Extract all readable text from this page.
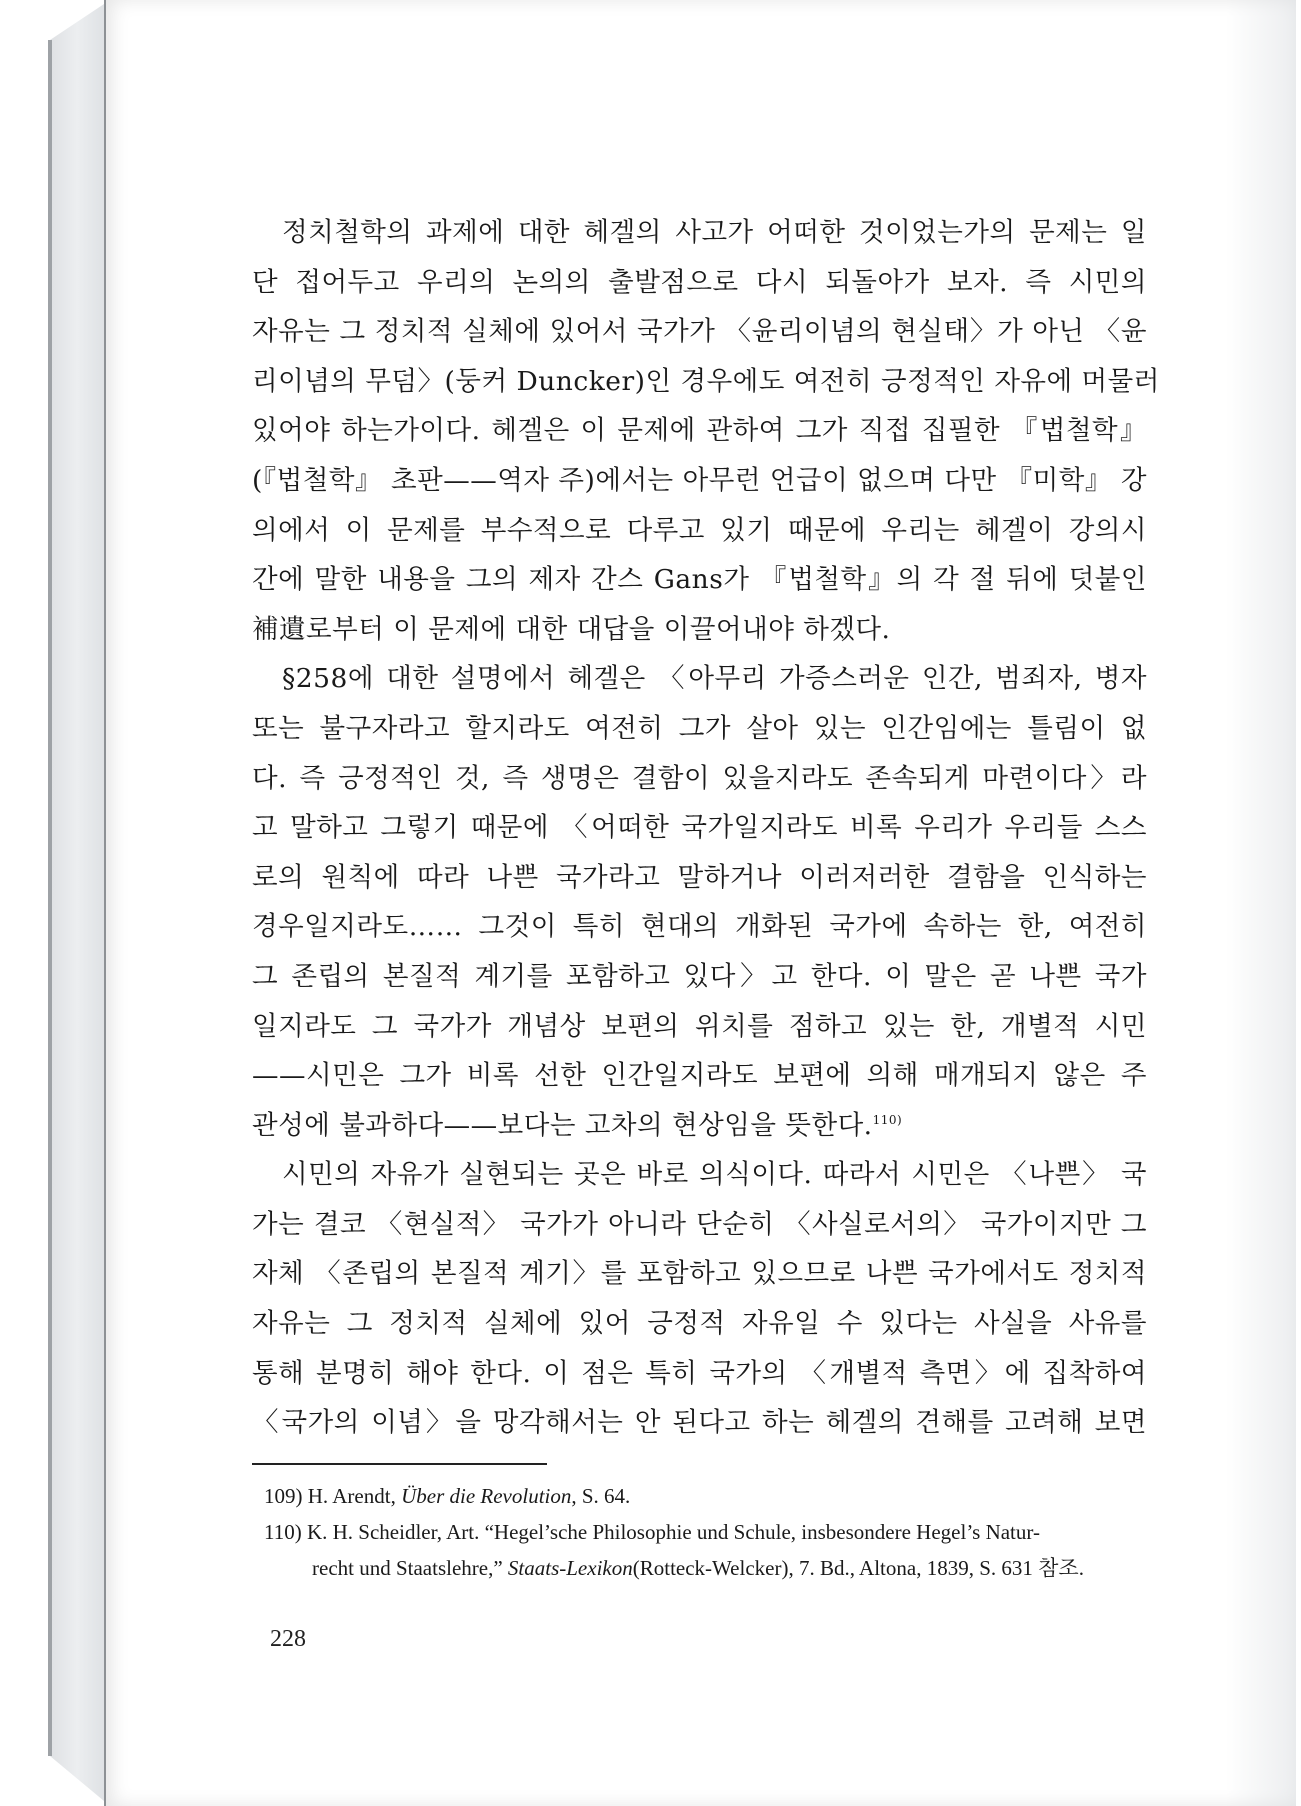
정치철학의 과제에 대한 헤겔의 사고가 어떠한 것이었는가의 문제는 일
단 접어두고 우리의 논의의 출발점으로 다시 되돌아가 보자. 즉 시민의
자유는 그 정치적 실체에 있어서 국가가 〈윤리이념의 현실태〉가 아닌 〈윤
리이념의 무덤〉(둥커 Duncker)인 경우에도 여전히 긍정적인 자유에 머물러
있어야 하는가이다. 헤겔은 이 문제에 관하여 그가 직접 집필한 『법철학』
(『법철학』 초판——역자 주)에서는 아무런 언급이 없으며 다만 『미학』 강
의에서 이 문제를 부수적으로 다루고 있기 때문에 우리는 헤겔이 강의시
간에 말한 내용을 그의 제자 간스 Gans가 『법철학』의 각 절 뒤에 덧붙인
補遺로부터 이 문제에 대한 대답을 이끌어내야 하겠다.
§258에 대한 설명에서 헤겔은 〈아무리 가증스러운 인간, 범죄자, 병자
또는 불구자라고 할지라도 여전히 그가 살아 있는 인간임에는 틀림이 없
다. 즉 긍정적인 것, 즉 생명은 결함이 있을지라도 존속되게 마련이다〉라
고 말하고 그렇기 때문에 〈어떠한 국가일지라도 비록 우리가 우리들 스스
로의 원칙에 따라 나쁜 국가라고 말하거나 이러저러한 결함을 인식하는
경우일지라도…… 그것이 특히 현대의 개화된 국가에 속하는 한, 여전히
그 존립의 본질적 계기를 포함하고 있다〉고 한다. 이 말은 곧 나쁜 국가
일지라도 그 국가가 개념상 보편의 위치를 점하고 있는 한, 개별적 시민
——시민은 그가 비록 선한 인간일지라도 보편에 의해 매개되지 않은 주
관성에 불과하다——보다는 고차의 현상임을 뜻한다.$^{110)}$
시민의 자유가 실현되는 곳은 바로 의식이다. 따라서 시민은 〈나쁜〉 국
가는 결코 〈현실적〉 국가가 아니라 단순히 〈사실로서의〉 국가이지만 그
자체 〈존립의 본질적 계기〉를 포함하고 있으므로 나쁜 국가에서도 정치적
자유는 그 정치적 실체에 있어 긍정적 자유일 수 있다는 사실을 사유를
통해 분명히 해야 한다. 이 점은 특히 국가의 〈개별적 측면〉에 집착하여
〈국가의 이념〉을 망각해서는 안 된다고 하는 헤겔의 견해를 고려해 보면
109) H. Arendt, Über die Revolution, S. 64.
110) K. H. Scheidler, Art. “Hegel’sche Philosophie und Schule, insbesondere Hegel’s Natur-
recht und Staatslehre,” Staats-Lexikon(Rotteck-Welcker), 7. Bd., Altona, 1839, S. 631 참조.
228
